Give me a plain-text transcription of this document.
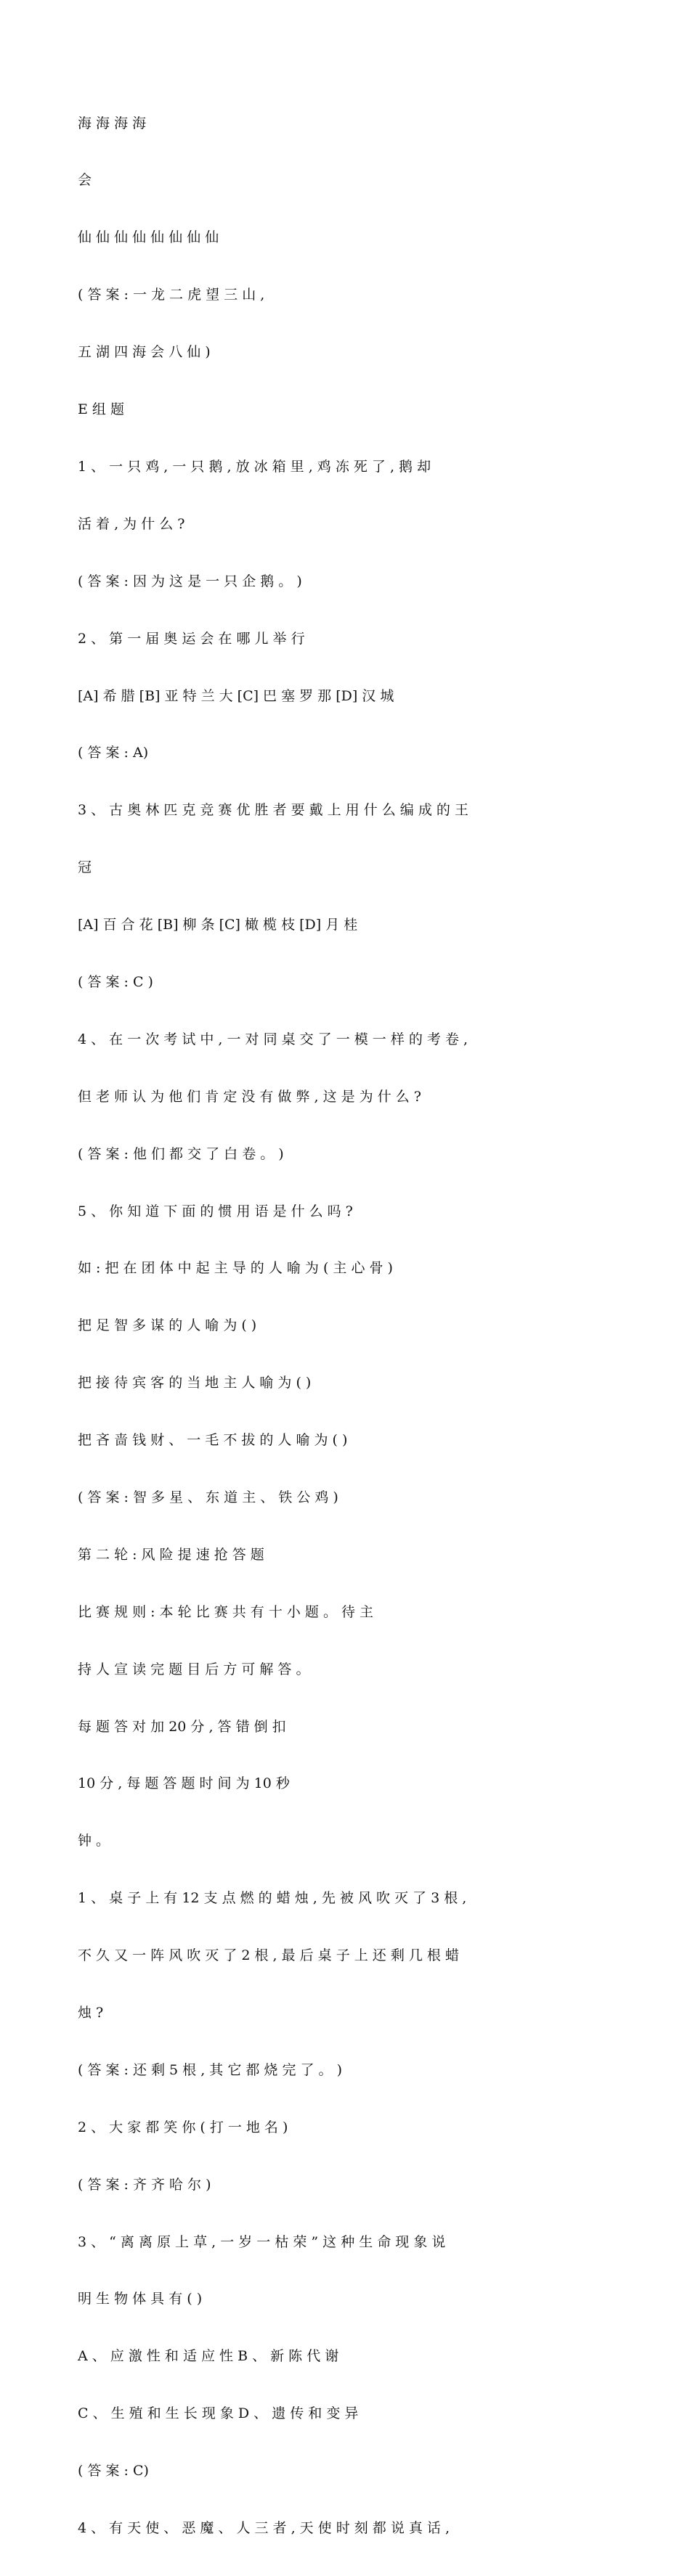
海 海 海 海

会

仙 仙 仙 仙 仙 仙 仙 仙

( 答 案 : 一 龙 二 虎 望 三 山 ,

五 湖 四 海 会 八 仙 )

E 组 题

1 、 一 只 鸡 , 一 只 鹅 , 放 冰 箱 里 , 鸡 冻 死 了 , 鹅 却

活 着 , 为 什 么 ?

( 答 案 : 因 为 这 是 一 只 企 鹅 。 )

2 、 第 一 届 奥 运 会 在 哪 儿 举 行

[A] 希 腊 [B] 亚 特 兰 大 [C] 巴 塞 罗 那 [D] 汉 城

( 答 案 : A)

3 、 古 奥 林 匹 克 竞 赛 优 胜 者 要 戴 上 用 什 么 编 成 的 王

冠

[A] 百 合 花 [B] 柳 条 [C] 橄 榄 枝 [D] 月 桂

( 答 案 : C )

4 、 在 一 次 考 试 中 , 一 对 同 桌 交 了 一 模 一 样 的 考 卷 ,

但 老 师 认 为 他 们 肯 定 没 有 做 弊 , 这 是 为 什 么 ?

( 答 案 : 他 们 都 交 了 白 卷 。 )

5 、 你 知 道 下 面 的 惯 用 语 是 什 么 吗 ?

如 : 把 在 团 体 中 起 主 导 的 人 喻 为 ( 主 心 骨 )

把 足 智 多 谋 的 人 喻 为 ( )

把 接 待 宾 客 的 当 地 主 人 喻 为 ( )

把 吝 啬 钱 财 、 一 毛 不 拔 的 人 喻 为 ( )

( 答 案 : 智 多 星 、 东 道 主 、 铁 公 鸡 )

第 二 轮 : 风 险 提 速 抢 答 题

比 赛 规 则 : 本 轮 比 赛 共 有 十 小 题 。 待 主

持 人 宣 读 完 题 目 后 方 可 解 答 。

每 题 答 对 加 20 分 , 答 错 倒 扣

10 分 , 每 题 答 题 时 间 为 10 秒

钟 。

1 、 桌 子 上 有 12 支 点 燃 的 蜡 烛 , 先 被 风 吹 灭 了 3 根 ,

不 久 又 一 阵 风 吹 灭 了 2 根 , 最 后 桌 子 上 还 剩 几 根 蜡

烛 ?

( 答 案 : 还 剩 5 根 , 其 它 都 烧 完 了 。 )

2 、 大 家 都 笑 你 ( 打 一 地 名 )

( 答 案 : 齐 齐 哈 尔 )

3 、 “ 离 离 原 上 草 , 一 岁 一 枯 荣 ” 这 种 生 命 现 象 说

明 生 物 体 具 有 ( )

A 、 应 激 性 和 适 应 性 B 、 新 陈 代 谢

C 、 生 殖 和 生 长 现 象 D 、 遗 传 和 变 异

( 答 案 : C)

4 、 有 天 使 、 恶 魔 、 人 三 者 , 天 使 时 刻 都 说 真 话 ,
